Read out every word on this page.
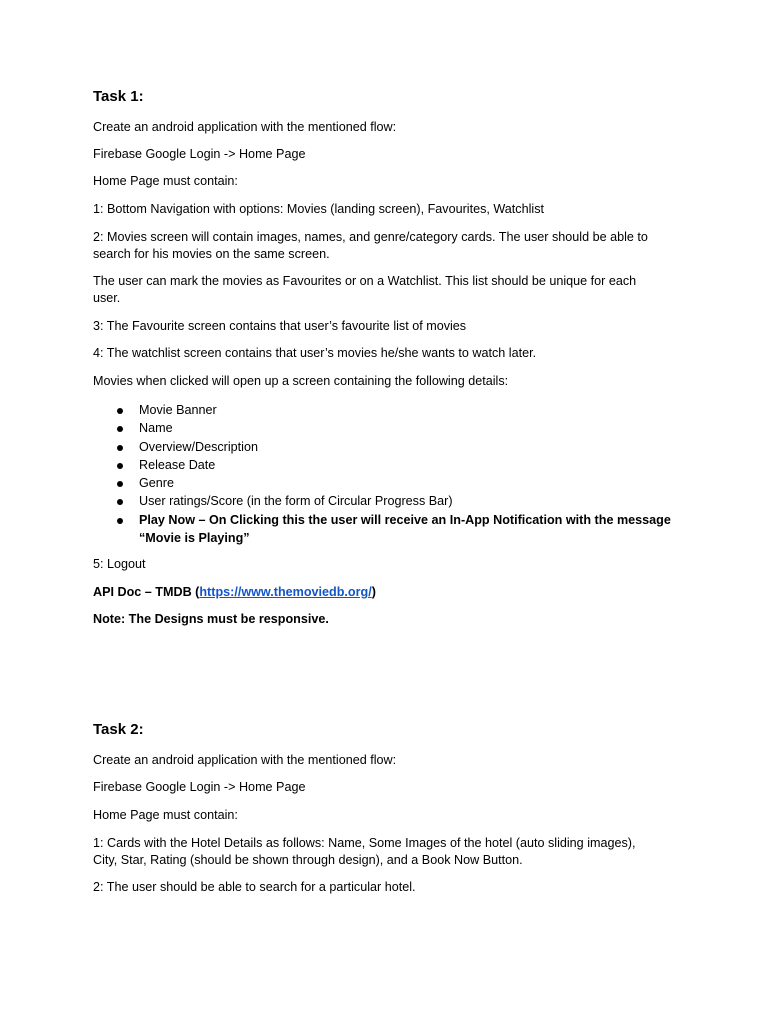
Task 1:
Create an android application with the mentioned flow:
Firebase Google Login -> Home Page
Home Page must contain:
1: Bottom Navigation with options: Movies (landing screen), Favourites, Watchlist
2: Movies screen will contain images, names, and genre/category cards. The user should be able to
search for his movies on the same screen.
The user can mark the movies as Favourites or on a Watchlist. This list should be unique for each
user.
3: The Favourite screen contains that user’s favourite list of movies
4: The watchlist screen contains that user’s movies he/she wants to watch later.
Movies when clicked will open up a screen containing the following details:
Movie Banner
Name
Overview/Description
Release Date
Genre
User ratings/Score (in the form of Circular Progress Bar)
Play Now – On Clicking this the user will receive an In-App Notification with the message
“Movie is Playing”
5: Logout
API Doc – TMDB (https://www.themoviedb.org/)
Note: The Designs must be responsive.
Task 2:
Create an android application with the mentioned flow:
Firebase Google Login -> Home Page
Home Page must contain:
1: Cards with the Hotel Details as follows: Name, Some Images of the hotel (auto sliding images),
City, Star, Rating (should be shown through design), and a Book Now Button.
2: The user should be able to search for a particular hotel.
